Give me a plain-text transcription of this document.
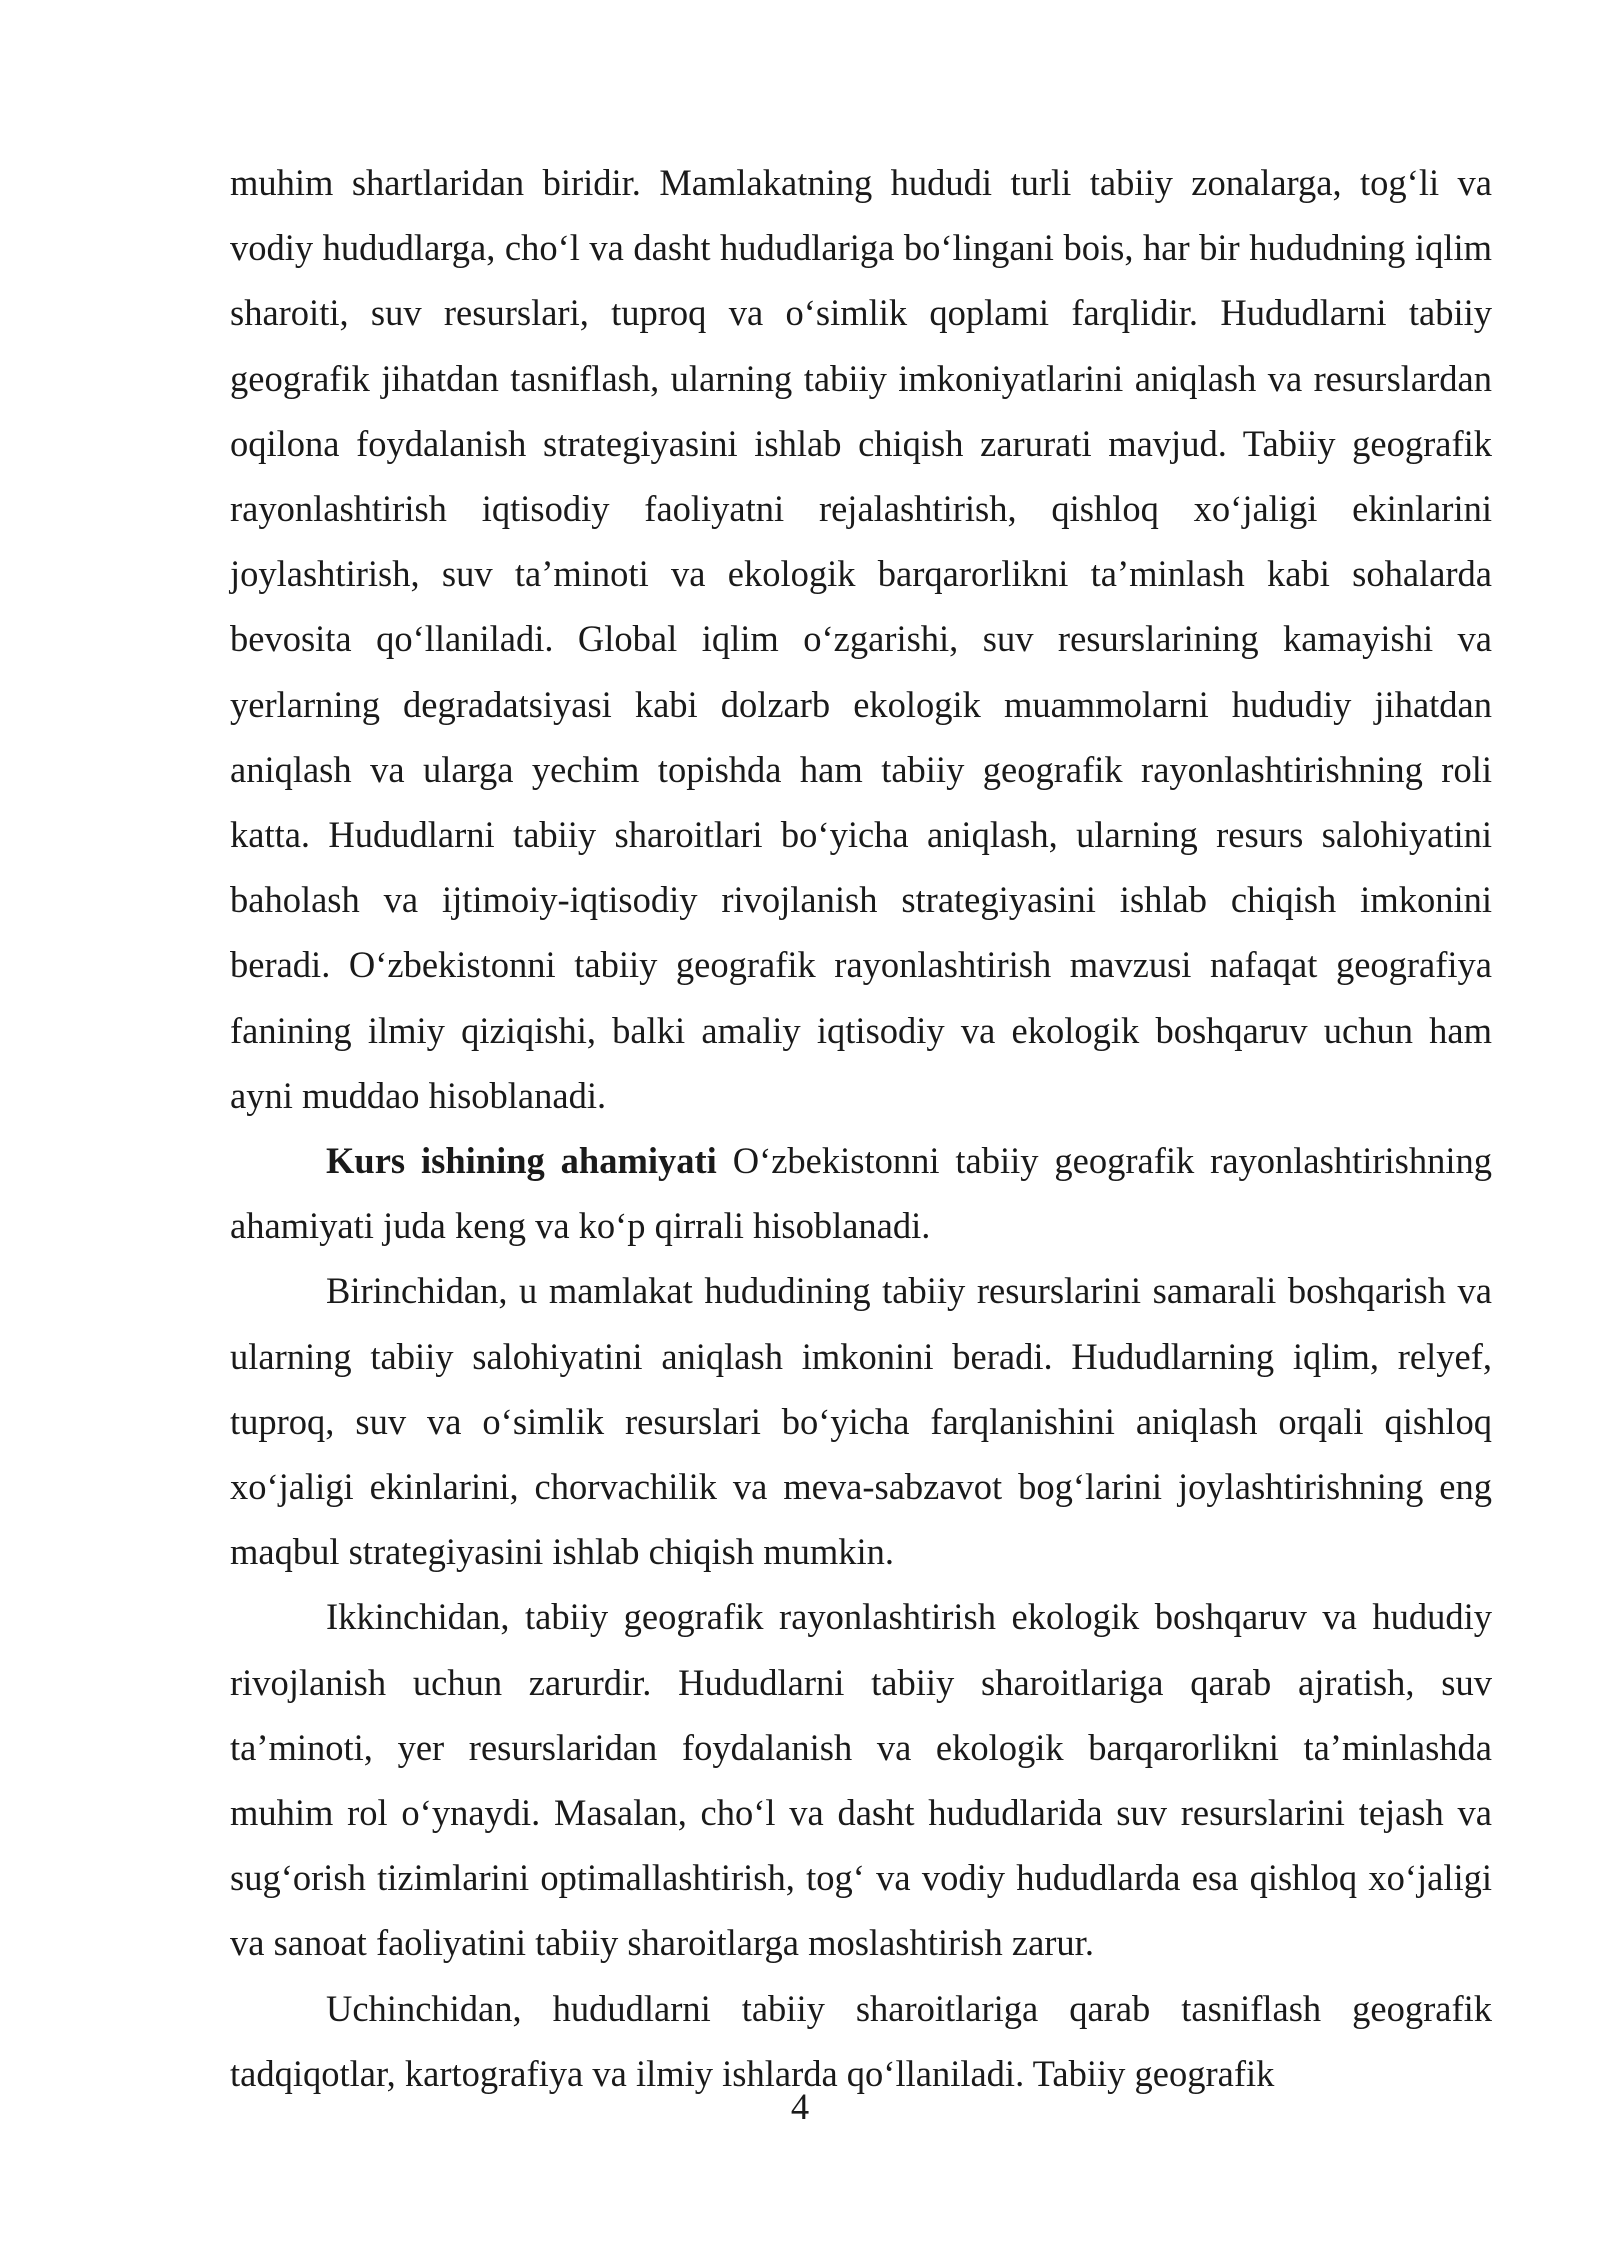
muhim shartlaridan biridir. Mamlakatning hududi turli tabiiy zonalarga, tog‘li va vodiy hududlarga, cho‘l va dasht hududlariga bo‘lingani bois, har bir hududning iqlim sharoiti, suv resurslari, tuproq va o‘simlik qoplami farqlidir. Hududlarni tabiiy geografik jihatdan tasniflash, ularning tabiiy imkoniyatlarini aniqlash va resurslardan oqilona foydalanish strategiyasini ishlab chiqish zarurati mavjud. Tabiiy geografik rayonlashtirish iqtisodiy faoliyatni rejalashtirish, qishloq xo‘jaligi ekinlarini joylashtirish, suv ta’minoti va ekologik barqarorlikni ta’minlash kabi sohalarda bevosita qo‘llaniladi. Global iqlim o‘zgarishi, suv resurslarining kamayishi va yerlarning degradatsiyasi kabi dolzarb ekologik muammolarni hududiy jihatdan aniqlash va ularga yechim topishda ham tabiiy geografik rayonlashtirishning roli katta. Hududlarni tabiiy sharoitlari bo‘yicha aniqlash, ularning resurs salohiyatini baholash va ijtimoiy-iqtisodiy rivojlanish strategiyasini ishlab chiqish imkonini beradi. O‘zbekistonni tabiiy geografik rayonlashtirish mavzusi nafaqat geografiya fanining ilmiy qiziqishi, balki amaliy iqtisodiy va ekologik boshqaruv uchun ham ayni muddao hisoblanadi.

Kurs ishining ahamiyati O‘zbekistonni tabiiy geografik rayonlashtirishning ahamiyati juda keng va ko‘p qirrali hisoblanadi.

Birinchidan, u mamlakat hududining tabiiy resurslarini samarali boshqarish va ularning tabiiy salohiyatini aniqlash imkonini beradi. Hududlarning iqlim, relyef, tuproq, suv va o‘simlik resurslari bo‘yicha farqlanishini aniqlash orqali qishloq xo‘jaligi ekinlarini, chorvachilik va meva-sabzavot bog‘larini joylashtirishning eng maqbul strategiyasini ishlab chiqish mumkin.

Ikkinchidan, tabiiy geografik rayonlashtirish ekologik boshqaruv va hududiy rivojlanish uchun zarurdir. Hududlarni tabiiy sharoitlariga qarab ajratish, suv ta’minoti, yer resurslaridan foydalanish va ekologik barqarorlikni ta’minlashda muhim rol o‘ynaydi. Masalan, cho‘l va dasht hududlarida suv resurslarini tejash va sug‘orish tizimlarini optimallashtirish, tog‘ va vodiy hududlarda esa qishloq xo‘jaligi va sanoat faoliyatini tabiiy sharoitlarga moslashtirish zarur.

Uchinchidan, hududlarni tabiiy sharoitlariga qarab tasniflash geografik tadqiqotlar, kartografiya va ilmiy ishlarda qo‘llaniladi. Tabiiy geografik

4
